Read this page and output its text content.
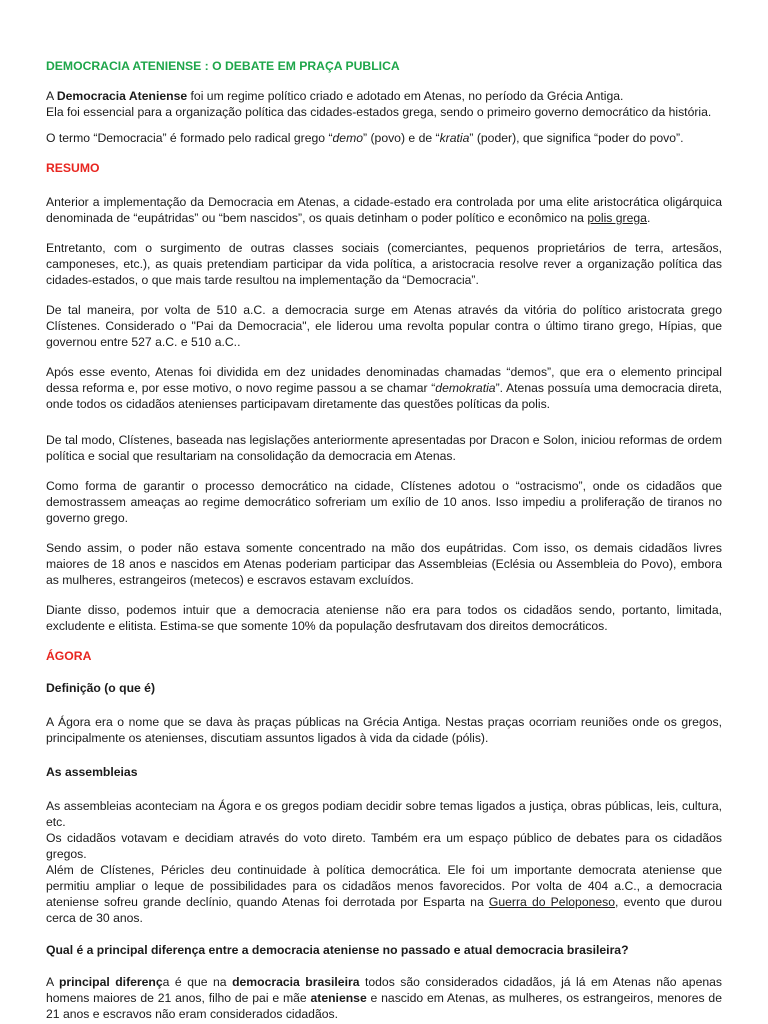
DEMOCRACIA ATENIENSE : O DEBATE EM PRAÇA PUBLICA

A Democracia Ateniense foi um regime político criado e adotado em Atenas, no período da Grécia Antiga.

Ela foi essencial para a organização política das cidades-estados grega, sendo o primeiro governo democrático da história.

O termo “Democracia” é formado pelo radical grego “demo” (povo) e de “kratia” (poder), que significa “poder do povo”.

RESUMO

Anterior a implementação da Democracia em Atenas, a cidade-estado era controlada por uma elite aristocrática oligárquica denominada de “eupátridas” ou “bem nascidos”, os quais detinham o poder político e econômico na polis grega.

Entretanto, com o surgimento de outras classes sociais (comerciantes, pequenos proprietários de terra, artesãos, camponeses, etc.), as quais pretendiam participar da vida política, a aristocracia resolve rever a organização política das cidades-estados, o que mais tarde resultou na implementação da “Democracia”.

De tal maneira, por volta de 510 a.C. a democracia surge em Atenas através da vitória do político aristocrata grego Clístenes. Considerado o "Pai da Democracia", ele liderou uma revolta popular contra o último tirano grego, Hípias, que governou entre 527 a.C. e 510 a.C..

Após esse evento, Atenas foi dividida em dez unidades denominadas chamadas “demos”, que era o elemento principal dessa reforma e, por esse motivo, o novo regime passou a se chamar “demokratia”. Atenas possuía uma democracia direta, onde todos os cidadãos atenienses participavam diretamente das questões políticas da polis.

De tal modo, Clístenes, baseada nas legislações anteriormente apresentadas por Dracon e Solon, iniciou reformas de ordem política e social que resultariam na consolidação da democracia em Atenas.

Como forma de garantir o processo democrático na cidade, Clístenes adotou o “ostracismo”, onde os cidadãos que demostrassem ameaças ao regime democrático sofreriam um exílio de 10 anos. Isso impediu a proliferação de tiranos no governo grego.

Sendo assim, o poder não estava somente concentrado na mão dos eupátridas. Com isso, os demais cidadãos livres maiores de 18 anos e nascidos em Atenas poderiam participar das Assembleias (Eclésia ou Assembleia do Povo), embora as mulheres, estrangeiros (metecos) e escravos estavam excluídos.

Diante disso, podemos intuir que a democracia ateniense não era para todos os cidadãos sendo, portanto, limitada, excludente e elitista. Estima-se que somente 10% da população desfrutavam dos direitos democráticos.

ÁGORA

Definição (o que é)

A Ágora era o nome que se dava às praças públicas na Grécia Antiga. Nestas praças ocorriam reuniões onde os gregos, principalmente os atenienses, discutiam assuntos ligados à vida da cidade (pólis).

As assembleias

As assembleias aconteciam na Ágora e os gregos podiam decidir sobre temas ligados a justiça, obras públicas, leis, cultura, etc.

Os cidadãos votavam e decidiam através do voto direto. Também era um espaço público de debates para os cidadãos gregos.

Além de Clístenes, Péricles deu continuidade à política democrática. Ele foi um importante democrata ateniense que permitiu ampliar o leque de possibilidades para os cidadãos menos favorecidos. Por volta de 404 a.C., a democracia ateniense sofreu grande declínio, quando Atenas foi derrotada por Esparta na Guerra do Peloponeso, evento que durou cerca de 30 anos.

Qual é a principal diferença entre a democracia ateniense no passado e atual democracia brasileira?

A principal diferença é que na democracia brasileira todos são considerados cidadãos, já lá em Atenas não apenas homens maiores de 21 anos, filho de pai e mãe ateniense e nascido em Atenas, as mulheres, os estrangeiros, menores de 21 anos e escravos não eram considerados cidadãos.
